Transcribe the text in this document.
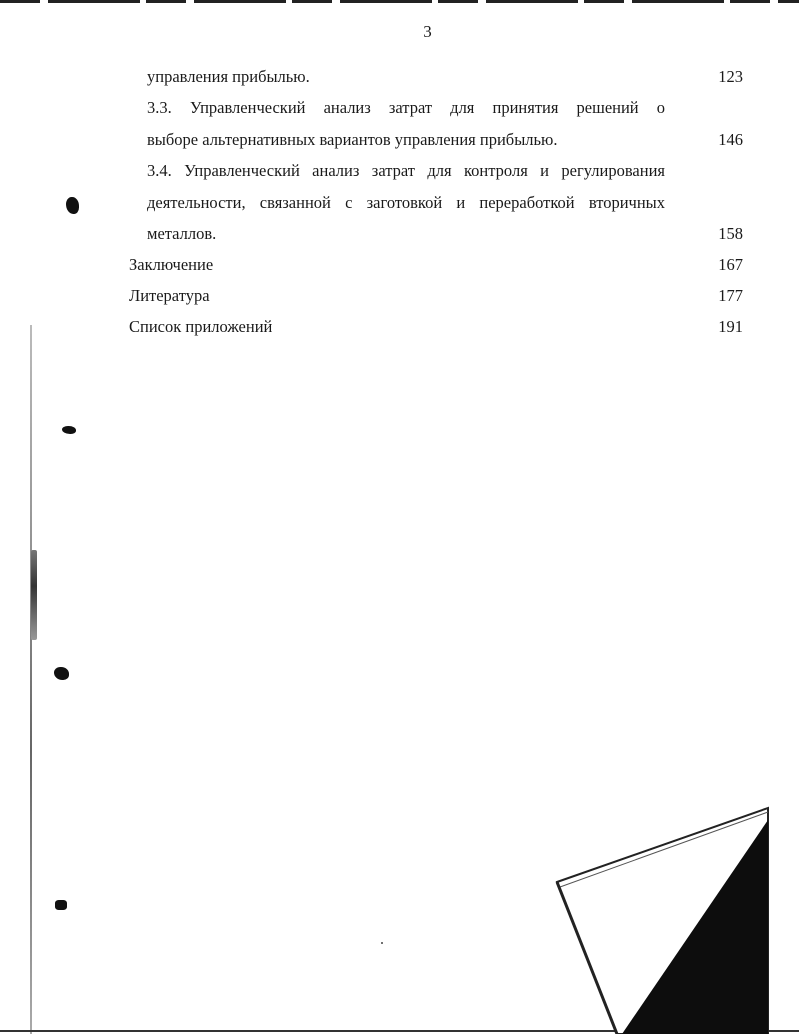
3
управления прибылью.	123
3.3. Управленческий анализ затрат для принятия решений о
выборе альтернативных вариантов управления прибылью.	146
3.4. Управленческий анализ затрат для контроля и регулирования
деятельности, связанной с заготовкой и переработкой вторичных
металлов.	158
Заключение	167
Литература	177
Список приложений	191
